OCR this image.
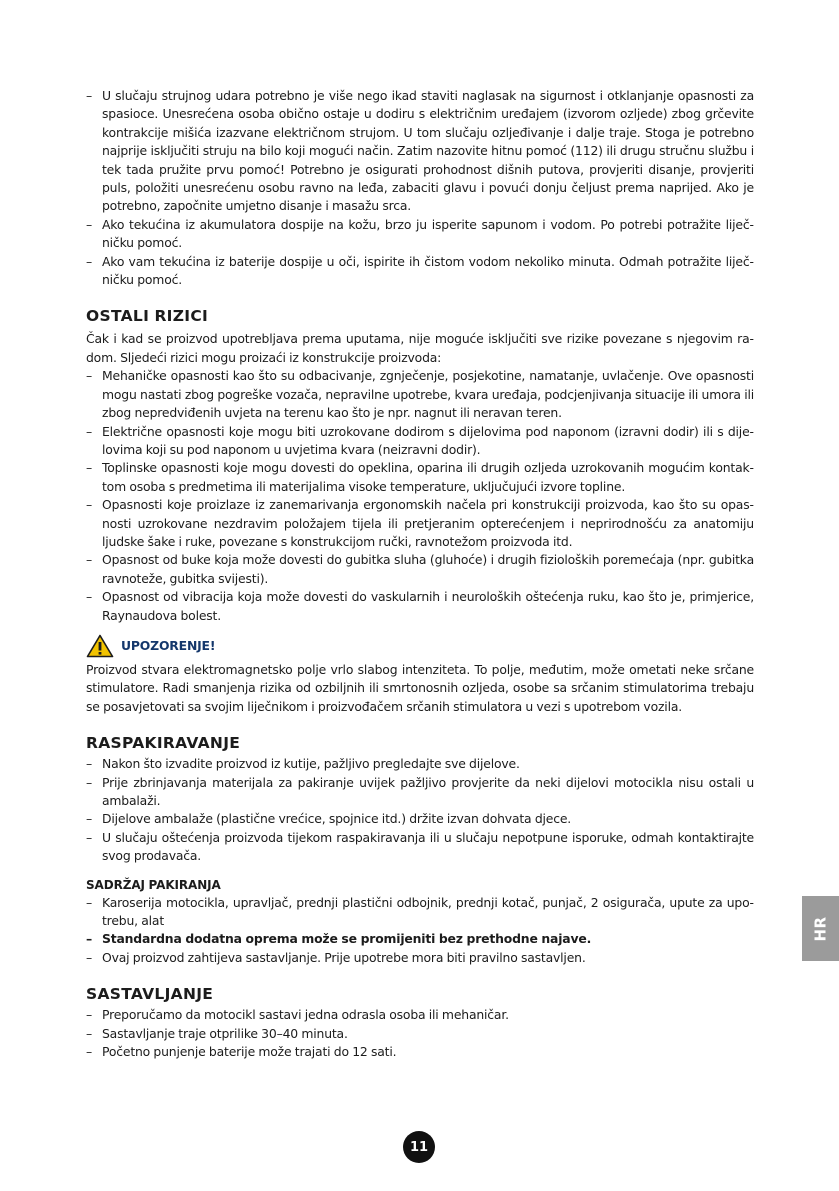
– U slučaju strujnog udara potrebno je više nego ikad staviti naglasak na sigurnost i otklanjanje opasnosti za spasioce. Unesrećena osoba obično ostaje u dodiru s električnim uređajem (izvorom ozljede) zbog grčevite kontrakcije mišića izazvane električnom strujom. U tom slučaju ozljeđivanje i dalje traje. Stoga je potrebno najprije isključiti struju na bilo koji mogući način. Zatim nazovite hitnu pomoć (112) ili drugu stručnu službu i tek tada pružite prvu pomoć! Potrebno je osigurati prohodnost dišnih putova, provjeriti disanje, provjeriti puls, položiti unesrećenu osobu ravno na leđa, zabaciti glavu i povući donju čeljust prema naprijed. Ako je potrebno, započnite umjetno disanje i masažu srca.
– Ako tekućina iz akumulatora dospije na kožu, brzo ju isperite sapunom i vodom. Po potrebi potražite liječničku pomoć.
– Ako vam tekućina iz baterije dospije u oči, ispirite ih čistom vodom nekoliko minuta. Odmah potražite liječničku pomoć.
OSTALI RIZICI
Čak i kad se proizvod upotrebljava prema uputama, nije moguće isključiti sve rizike povezane s njegovim radom. Sljedeći rizici mogu proizaći iz konstrukcije proizvoda:
– Mehaničke opasnosti kao što su odbacivanje, zgnječenje, posjekotine, namatanje, uvlačenje. Ove opasnosti mogu nastati zbog pogreške vozača, nepravilne upotrebe, kvara uređaja, podcjenjivanja situacije ili umora ili zbog nepredviđenih uvjeta na terenu kao što je npr. nagnut ili neravan teren.
– Električne opasnosti koje mogu biti uzrokovane dodirom s dijelovima pod naponom (izravni dodir) ili s dijelovima koji su pod naponom u uvjetima kvara (neizravni dodir).
– Toplinske opasnosti koje mogu dovesti do opeklina, oparina ili drugih ozljeda uzrokovanih mogućim kontaktom osoba s predmetima ili materijalima visoke temperature, uključujući izvore topline.
– Opasnosti koje proizlaze iz zanemarivanja ergonomskih načela pri konstrukciji proizvoda, kao što su opasnosti uzrokovane nezdravim položajem tijela ili pretjeranim opterećenjem i neprirodnošću za anatomiju ljudske šake i ruke, povezane s konstrukcijom ručki, ravnotežom proizvoda itd.
– Opasnost od buke koja može dovesti do gubitka sluha (gluhoće) i drugih fizioloških poremećaja (npr. gubitka ravnoteže, gubitka svijesti).
– Opasnost od vibracija koja može dovesti do vaskularnih i neuroloških oštećenja ruku, kao što je, primjerice, Raynaudova bolest.
UPOZORENJE!
Proizvod stvara elektromagnetsko polje vrlo slabog intenziteta. To polje, međutim, može ometati neke srčane stimulatore. Radi smanjenja rizika od ozbiljnih ili smrtonosnih ozljeda, osobe sa srčanim stimulatorima trebaju se posavjetovati sa svojim liječnikom i proizvođačem srčanih stimulatora u vezi s upotrebom vozila.
RASPAKIRAVANJE
– Nakon što izvadite proizvod iz kutije, pažljivo pregledajte sve dijelove.
– Prije zbrinjavanja materijala za pakiranje uvijek pažljivo provjerite da neki dijelovi motocikla nisu ostali u ambalaži.
– Dijelove ambalaže (plastične vrećice, spojnice itd.) držite izvan dohvata djece.
– U slučaju oštećenja proizvoda tijekom raspakiravanja ili u slučaju nepotpune isporuke, odmah kontaktirajte svog prodavača.
SADRŽAJ PAKIRANJA
– Karoserija motocikla, upravljač, prednji plastični odbojnik, prednji kotač, punjač, 2 osigurača, upute za upotrebu, alat
– Standardna dodatna oprema može se promijeniti bez prethodne najave.
– Ovaj proizvod zahtijeva sastavljanje. Prije upotrebe mora biti pravilno sastavljen.
SASTAVLJANJE
– Preporučamo da motocikl sastavi jedna odrasla osoba ili mehaničar.
– Sastavljanje traje otprilike 30–40 minuta.
– Početno punjenje baterije može trajati do 12 sati.
HR
11
